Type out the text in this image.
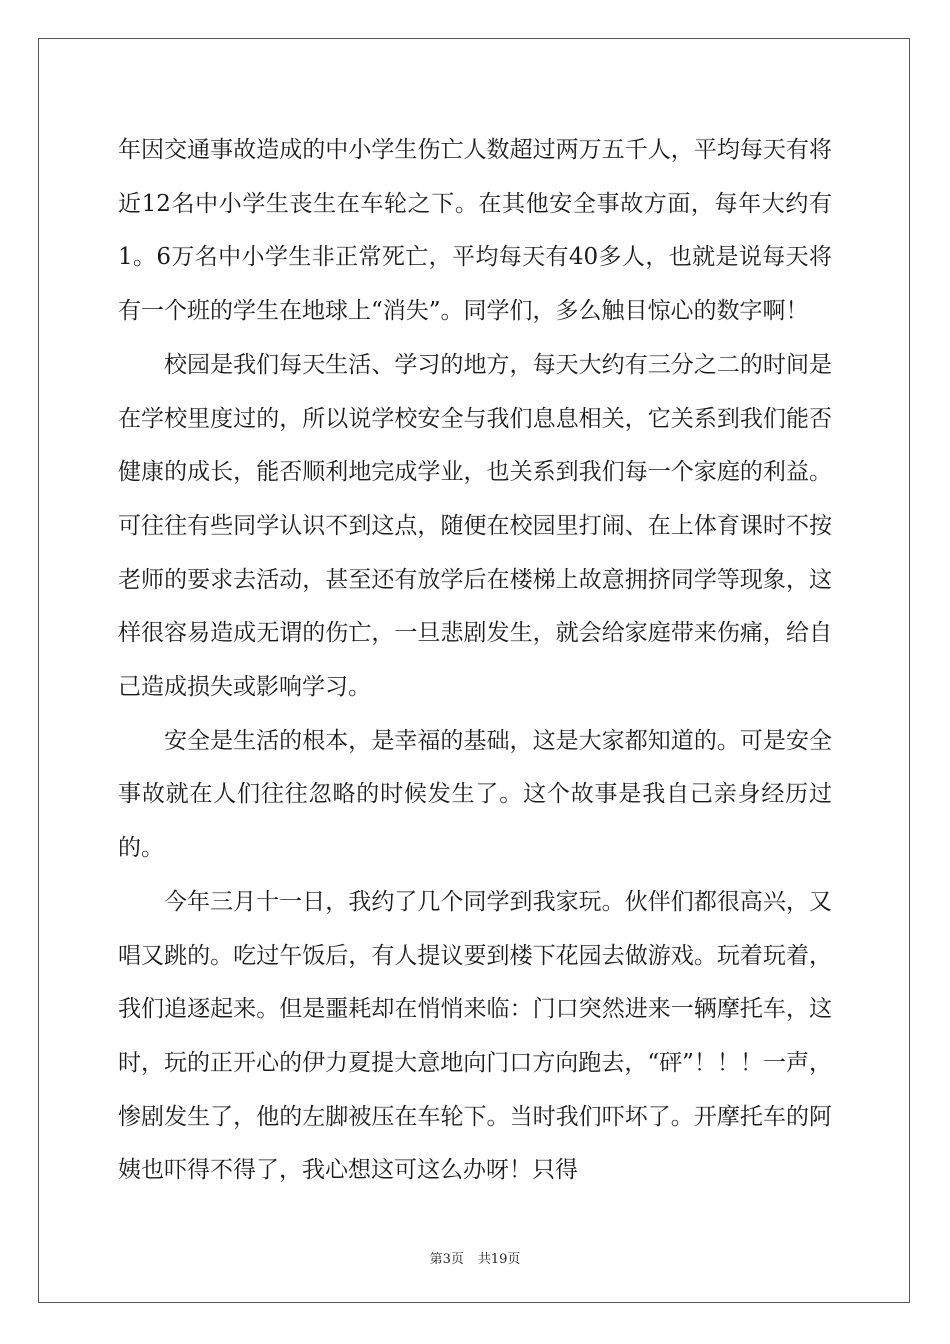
年因交通事故造成的中小学生伤亡人数超过两万五千人，平均每天有将近12名中小学生丧生在车轮之下。在其他安全事故方面，每年大约有1。6万名中小学生非正常死亡，平均每天有40多人，也就是说每天将有一个班的学生在地球上“消失”。同学们，多么触目惊心的数字啊！

校园是我们每天生活、学习的地方，每天大约有三分之二的时间是在学校里度过的，所以说学校安全与我们息息相关，它关系到我们能否健康的成长，能否顺利地完成学业，也关系到我们每一个家庭的利益。可往往有些同学认识不到这点，随便在校园里打闹、在上体育课时不按老师的要求去活动，甚至还有放学后在楼梯上故意拥挤同学等现象，这样很容易造成无谓的伤亡，一旦悲剧发生，就会给家庭带来伤痛，给自己造成损失或影响学习。

安全是生活的根本，是幸福的基础，这是大家都知道的。可是安全事故就在人们往往忽略的时候发生了。这个故事是我自己亲身经历过的。

今年三月十一日，我约了几个同学到我家玩。伙伴们都很高兴，又唱又跳的。吃过午饭后，有人提议要到楼下花园去做游戏。玩着玩着，我们追逐起来。但是噩耗却在悄悄来临：门口突然进来一辆摩托车，这时，玩的正开心的伊力夏提大意地向门口方向跑去，“砰”！！！一声，惨剧发生了，他的左脚被压在车轮下。当时我们吓坏了。开摩托车的阿姨也吓得不得了，我心想这可这么办呀！只得

第3页 共19页
